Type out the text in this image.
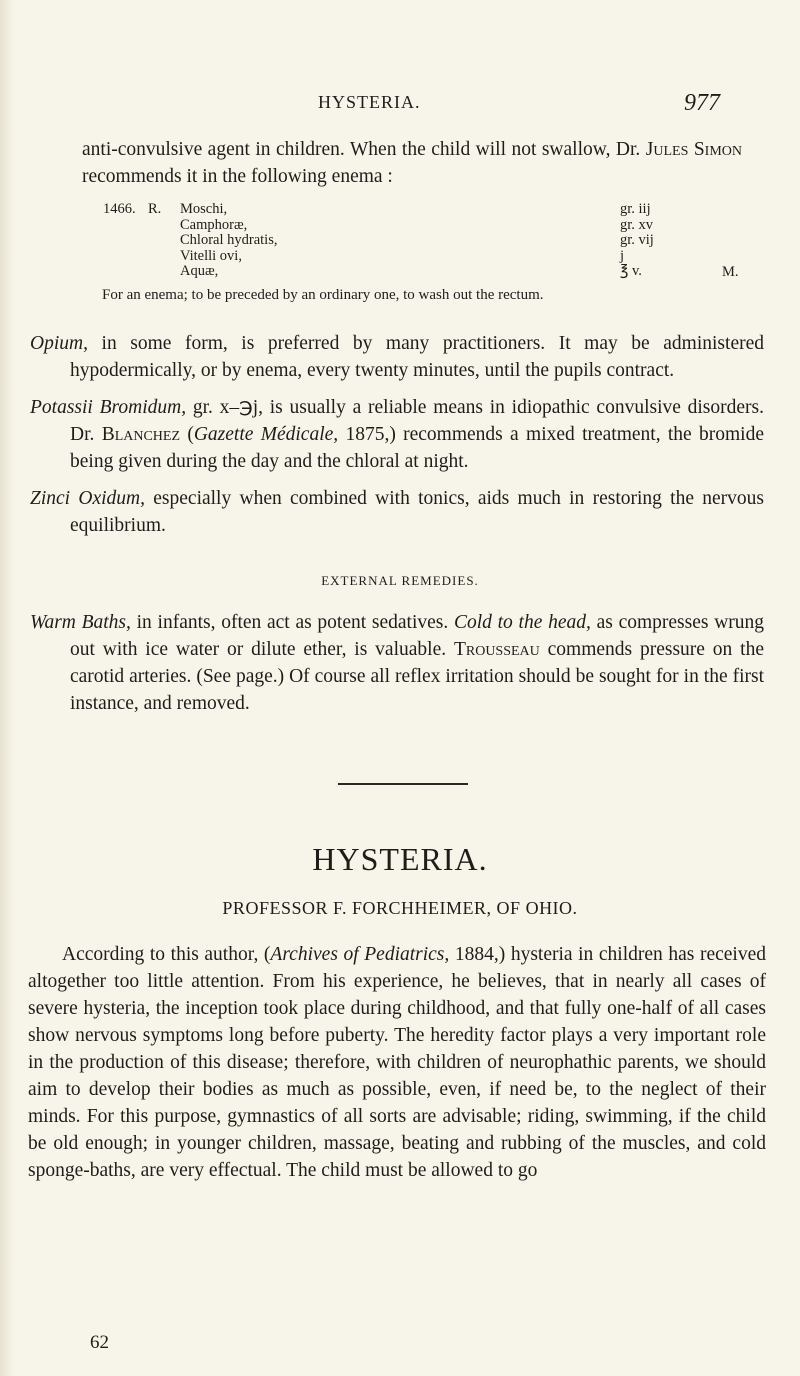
HYSTERIA.	977

anti-convulsive agent in children. When the child will not swallow, Dr. Jules Simon recommends it in the following enema :

1466. R. Moschi,
Camphoræ,
Chloral hydratis,
Vitelli ovi,
Aquæ,
gr. iij
gr. xv
gr. vij
j
℥ v.	M.
For an enema; to be preceded by an ordinary one, to wash out the rectum.

Opium, in some form, is preferred by many practitioners. It may be administered hypodermically, or by enema, every twenty minutes, until the pupils contract.

Potassii Bromidum, gr. x–℈j, is usually a reliable means in idiopathic convulsive disorders. Dr. Blanchez (Gazette Médicale, 1875,) recommends a mixed treatment, the bromide being given during the day and the chloral at night.

Zinci Oxidum, especially when combined with tonics, aids much in restoring the nervous equilibrium.

EXTERNAL REMEDIES.

Warm Baths, in infants, often act as potent sedatives. Cold to the head, as compresses wrung out with ice water or dilute ether, is valuable. Trousseau commends pressure on the carotid arteries. (See page.) Of course all reflex irritation should be sought for in the first instance, and removed.

HYSTERIA.
PROFESSOR F. FORCHHEIMER, OF OHIO.

According to this author, (Archives of Pediatrics, 1884,) hysteria in children has received altogether too little attention. From his experience, he believes, that in nearly all cases of severe hysteria, the inception took place during childhood, and that fully one-half of all cases show nervous symptoms long before puberty. The heredity factor plays a very important role in the production of this disease; therefore, with children of neurophathic parents, we should aim to develop their bodies as much as possible, even, if need be, to the neglect of their minds. For this purpose, gymnastics of all sorts are advisable; riding, swimming, if the child be old enough; in younger children, massage, beating and rubbing of the muscles, and cold sponge-baths, are very effectual. The child must be allowed to go

62
